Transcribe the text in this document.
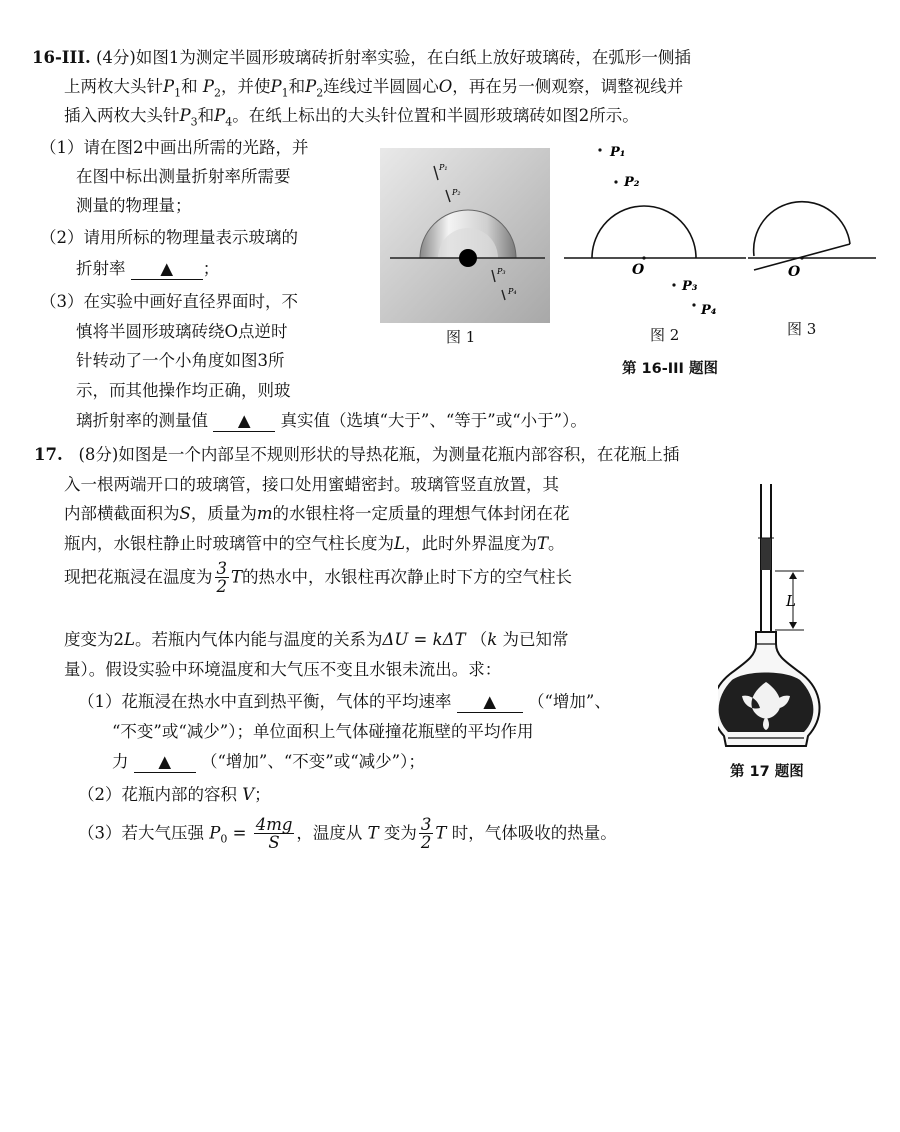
16-III. (4分)如图1为测定半圆形玻璃砖折射率实验，在白纸上放好玻璃砖，在弧形一侧插
上两枚大头针$P_1$和 $P_2$，并使$P_1$和$P_2$连线过半圆圆心O，再在另一侧观察，调整视线并
插入两枚大头针$P_3$和$P_4$。在纸上标出的大头针位置和半圆形玻璃砖如图2所示。
（1）请在图2中画出所需的光路，并
在图中标出测量折射率所需要
测量的物理量；
（2）请用所标的物理量表示玻璃的
折射率 ▲ ；
（3）在实验中画好直径界面时，不
慎将半圆形玻璃砖绕O点逆时
针转动了一个小角度如图3所
示，而其他操作均正确，则玻
璃折射率的测量值 ▲ 真实值（选填“大于”、“等于”或“小于”）。
P₁
P₂
P₃
P₄
图 1
O
P₁
P₂
P₃
P₄
O
图 2	图 3
第 16-III 题图
17. (8分)如图是一个内部呈不规则形状的导热花瓶，为测量花瓶内部容积，在花瓶上插
入一根两端开口的玻璃管，接口处用蜜蜡密封。玻璃管竖直放置，其
内部横截面积为S，质量为m的水银柱将一定质量的理想气体封闭在花
瓶内，水银柱静止时玻璃管中的空气柱长度为L，此时外界温度为T。
现把花瓶浸在温度为 $\frac{3}{2}$ T的热水中，水银柱再次静止时下方的空气柱长
度变为2L。若瓶内气体内能与温度的关系为ΔU = kΔT （k 为已知常
量）。假设实验中环境温度和大气压不变且水银未流出。求：
（1）花瓶浸在热水中直到热平衡，气体的平均速率 ▲ （“增加”、
“不变”或“减少”）；单位面积上气体碰撞花瓶壁的平均作用
力 ▲ （“增加”、“不变”或“减少”）；
（2）花瓶内部的容积 V；
（3）若大气压强 $P_0 = \frac{4mg}{S}$ ，温度从 T 变为 $\frac{3}{2}$ T 时，气体吸收的热量。
L
第 17 题图
